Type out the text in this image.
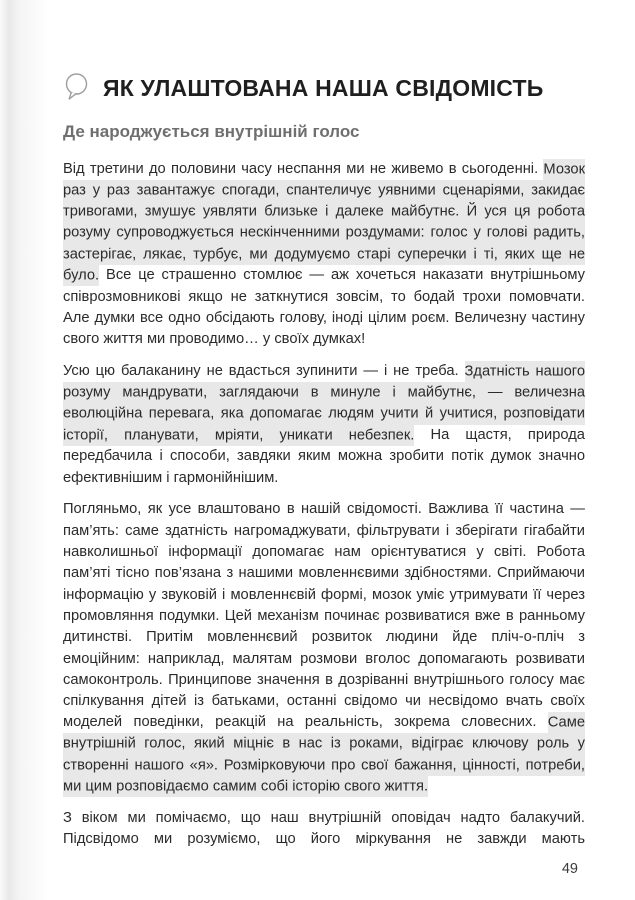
ЯК УЛАШТОВАНА НАША СВІДОМІСТЬ
Де народжується внутрішній голос

Від третини до половини часу неспання ми не живемо в сьогоденні. Мозок раз у раз завантажує спогади, спантеличує уявними сценаріями, закидає тривогами, змушує уявляти близьке і далеке майбутнє. Й уся ця робота розуму супроводжується нескінченними роздумами: голос у голові радить, застерігає, лякає, турбує, ми додумуємо старі суперечки і ті, яких ще не було. Все це страшенно стомлює — аж хочеться наказати внутрішньому співрозмовникові якщо не заткнутися зовсім, то бодай трохи помовчати. Але думки все одно обсідають голову, іноді цілим роєм. Величезну частину свого життя ми проводимо… у своїх думках!

Усю цю балаканину не вдасться зупинити — і не треба. Здатність нашого розуму мандрувати, заглядаючи в минуле і майбутнє, — величезна еволюційна перевага, яка допомагає людям учити й учитися, розповідати історії, планувати, мріяти, уникати небезпек. На щастя, природа передбачила і способи, завдяки яким можна зробити потік думок значно ефективнішим і гармонійнішим.

Погляньмо, як усе влаштовано в нашій свідомості. Важлива її частина — пам’ять: саме здатність нагромаджувати, фільтрувати і зберігати гігабайти навколишньої інформації допомагає нам орієнтуватися у світі. Робота пам’яті тісно пов’язана з нашими мовленнєвими здібностями. Сприймаючи інформацію у звуковій і мовленнєвій формі, мозок уміє утримувати її через промовляння подумки. Цей механізм починає розвиватися вже в ранньому дитинстві. Притім мовленнєвий розвиток людини йде пліч-о-пліч з емоційним: наприклад, малятам розмови вголос допомагають розвивати самоконтроль. Принципове значення в дозріванні внутрішнього голосу має спілкування дітей із батьками, останні свідомо чи несвідомо вчать своїх моделей поведінки, реакцій на реальність, зокрема словесних. Саме внутрішній голос, який міцніє в нас із роками, відіграє ключову роль у створенні нашого «я». Розмірковуючи про свої бажання, цінності, потреби, ми цим розповідаємо самим собі історію свого життя.

З віком ми помічаємо, що наш внутрішній оповідач надто балакучий. Підсвідомо ми розуміємо, що його міркування не завжди мають

49
